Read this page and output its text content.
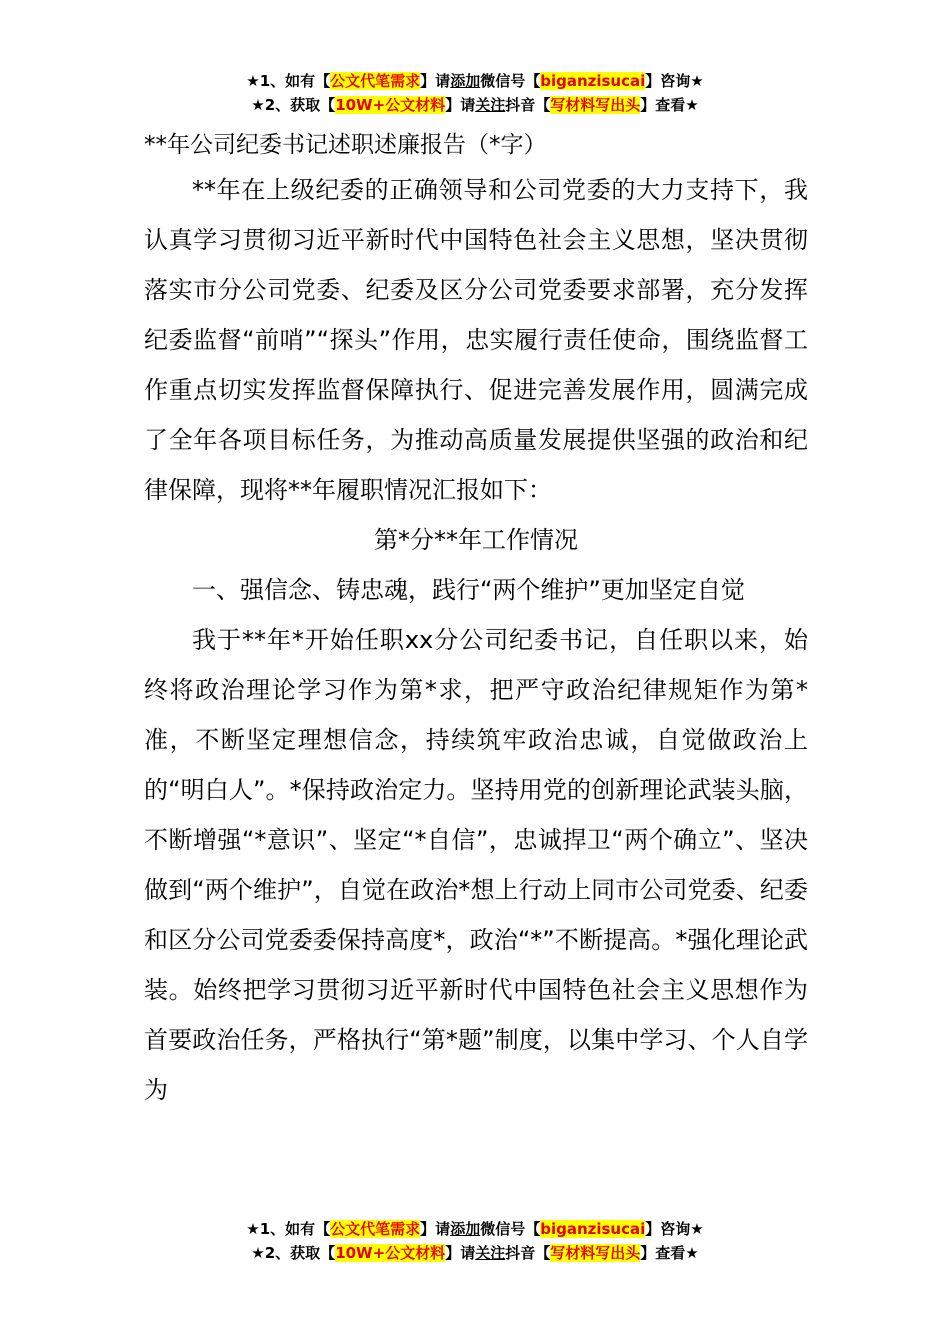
★1、如有【公文代笔需求】请添加微信号【biganzisucai】咨询★
★2、获取【10W+公文材料】请关注抖音【写材料写出头】查看★

**年公司纪委书记述职述廉报告（*字）

**年在上级纪委的正确领导和公司党委的大力支持下，我认真学习贯彻习近平新时代中国特色社会主义思想，坚决贯彻落实市分公司党委、纪委及区分公司党委要求部署，充分发挥纪委监督“前哨”“探头”作用，忠实履行责任使命，围绕监督工作重点切实发挥监督保障执行、促进完善发展作用，圆满完成了全年各项目标任务，为推动高质量发展提供坚强的政治和纪律保障，现将**年履职情况汇报如下：

第*分**年工作情况

一、强信念、铸忠魂，践行“两个维护”更加坚定自觉

我于**年*开始任职xx分公司纪委书记，自任职以来，始终将政治理论学习作为第*求，把严守政治纪律规矩作为第*准，不断坚定理想信念，持续筑牢政治忠诚，自觉做政治上的“明白人”。*保持政治定力。坚持用党的创新理论武装头脑，不断增强“*意识”、坚定“*自信”，忠诚捍卫“两个确立”、坚决做到“两个维护”，自觉在政治*想上行动上同市公司党委、纪委和区分公司党委委保持高度*，政治“*”不断提高。*强化理论武装。始终把学习贯彻习近平新时代中国特色社会主义思想作为首要政治任务，严格执行“第*题”制度，以集中学习、个人自学为

★1、如有【公文代笔需求】请添加微信号【biganzisucai】咨询★
★2、获取【10W+公文材料】请关注抖音【写材料写出头】查看★
